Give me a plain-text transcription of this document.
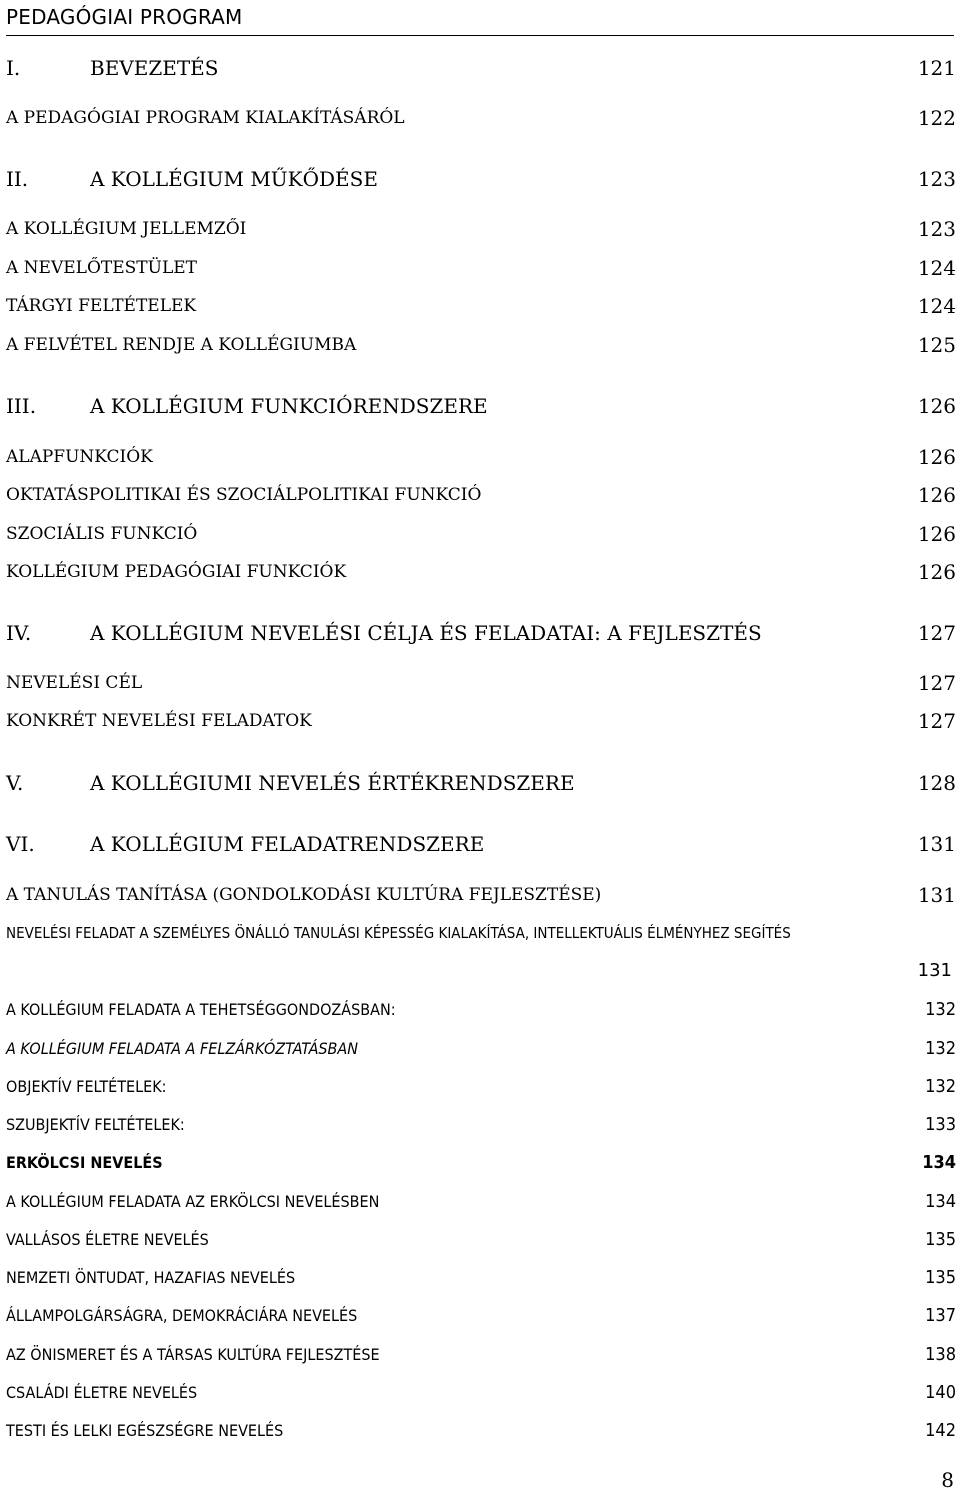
PEDAGÓGIAI PROGRAM
I.	BEVEZETÉS	121
A PEDAGÓGIAI PROGRAM KIALAKÍTÁSÁRÓL	122
II.	A KOLLÉGIUM MŰKŐDÉSE	123
A KOLLÉGIUM JELLEMZŐI	123
A NEVELŐTESTÜLET	124
TÁRGYI FELTÉTELEK	124
A FELVÉTEL RENDJE A KOLLÉGIUMBA	125
III.	A KOLLÉGIUM FUNKCIÓRENDSZERE	126
ALAPFUNKCIÓK	126
OKTATÁSPOLITIKAI ÉS SZOCIÁLPOLITIKAI FUNKCIÓ	126
SZOCIÁLIS FUNKCIÓ	126
KOLLÉGIUM PEDAGÓGIAI FUNKCIÓK	126
IV.	A KOLLÉGIUM NEVELÉSI CÉLJA ÉS FELADATAI: A FEJLESZTÉS	127
NEVELÉSI CÉL	127
KONKRÉT NEVELÉSI FELADATOK	127
V.	A KOLLÉGIUMI NEVELÉS ÉRTÉKRENDSZERE	128
VI.	A KOLLÉGIUM FELADATRENDSZERE	131
A TANULÁS TANÍTÁSA (GONDOLKODÁSI KULTÚRA FEJLESZTÉSE)	131
NEVELÉSI FELADAT A SZEMÉLYES ÖNÁLLÓ TANULÁSI KÉPESSÉG KIALAKÍTÁSA, INTELLEKTUÁLIS ÉLMÉNYHEZ SEGÍTÉS
131
A KOLLÉGIUM FELADATA A TEHETSÉGGONDOZÁSBAN:	132
A KOLLÉGIUM FELADATA A FELZÁRKÓZTATÁSBAN	132
OBJEKTÍV FELTÉTELEK:	132
SZUBJEKTÍV FELTÉTELEK:	133
ERKÖLCSI NEVELÉS	134
A KOLLÉGIUM FELADATA AZ ERKÖLCSI NEVELÉSBEN	134
VALLÁSOS ÉLETRE NEVELÉS	135
NEMZETI ÖNTUDAT, HAZAFIAS NEVELÉS	135
ÁLLAMPOLGÁRSÁGRA, DEMOKRÁCIÁRA NEVELÉS	137
AZ ÖNISMERET ÉS A TÁRSAS KULTÚRA FEJLESZTÉSE	138
CSALÁDI ÉLETRE NEVELÉS	140
TESTI ÉS LELKI EGÉSZSÉGRE NEVELÉS	142
8
